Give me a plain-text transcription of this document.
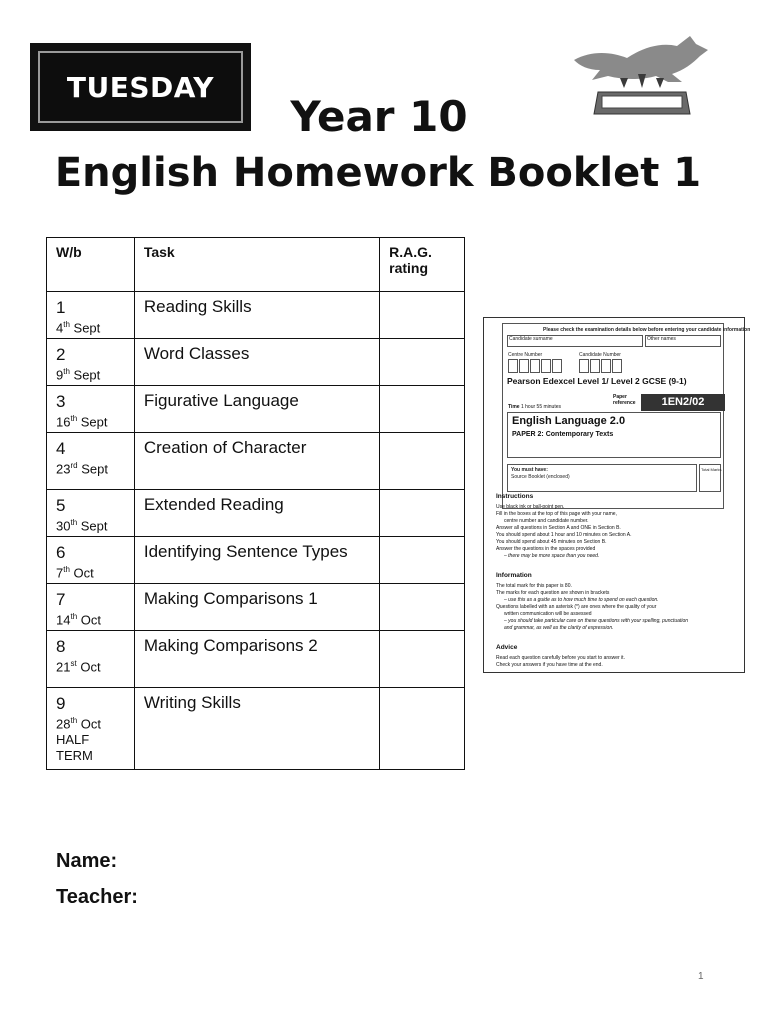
TUESDAY
Year 10
English Homework Booklet 1
W/b	Task	R.A.G. rating

1
4th Sept	Reading Skills	

2
9th Sept	Word Classes	

3
16th Sept	Figurative Language	

4
23rd Sept	Creation of Character	

5
30th Sept	Extended Reading	

6
7th Oct	Identifying Sentence Types	

7
14th Oct	Making Comparisons 1	

8
21st Oct	Making Comparisons 2	

9
28th Oct
HALF TERM	Writing Skills	

Please check the examination details below before entering your candidate information
Candidate surname	Other names
Centre Number	Candidate Number
Pearson Edexcel Level 1/ Level 2 GCSE (9-1)
Time 1 hour 55 minutes
Paper reference	1EN2/02
English Language 2.0
PAPER 2: Contemporary Texts
You must have:
Source Booklet (enclosed)
Total Marks
Instructions
Use black ink or ball-point pen.
Fill in the boxes at the top of this page with your name,
centre number and candidate number.
Answer all questions in Section A and ONE in Section B.
You should spend about 1 hour and 10 minutes on Section A.
You should spend about 45 minutes on Section B.
Answer the questions in the spaces provided
– there may be more space than you need.
Information
The total mark for this paper is 80.
The marks for each question are shown in brackets
– use this as a guide as to how much time to spend on each question.
Questions labelled with an asterisk (*) are ones where the quality of your
written communication will be assessed
– you should take particular care on these questions with your spelling, punctuation
and grammar, as well as the clarity of expression.
Advice
Read each question carefully before you start to answer it.
Check your answers if you have time at the end.
Name:
Teacher:
1
